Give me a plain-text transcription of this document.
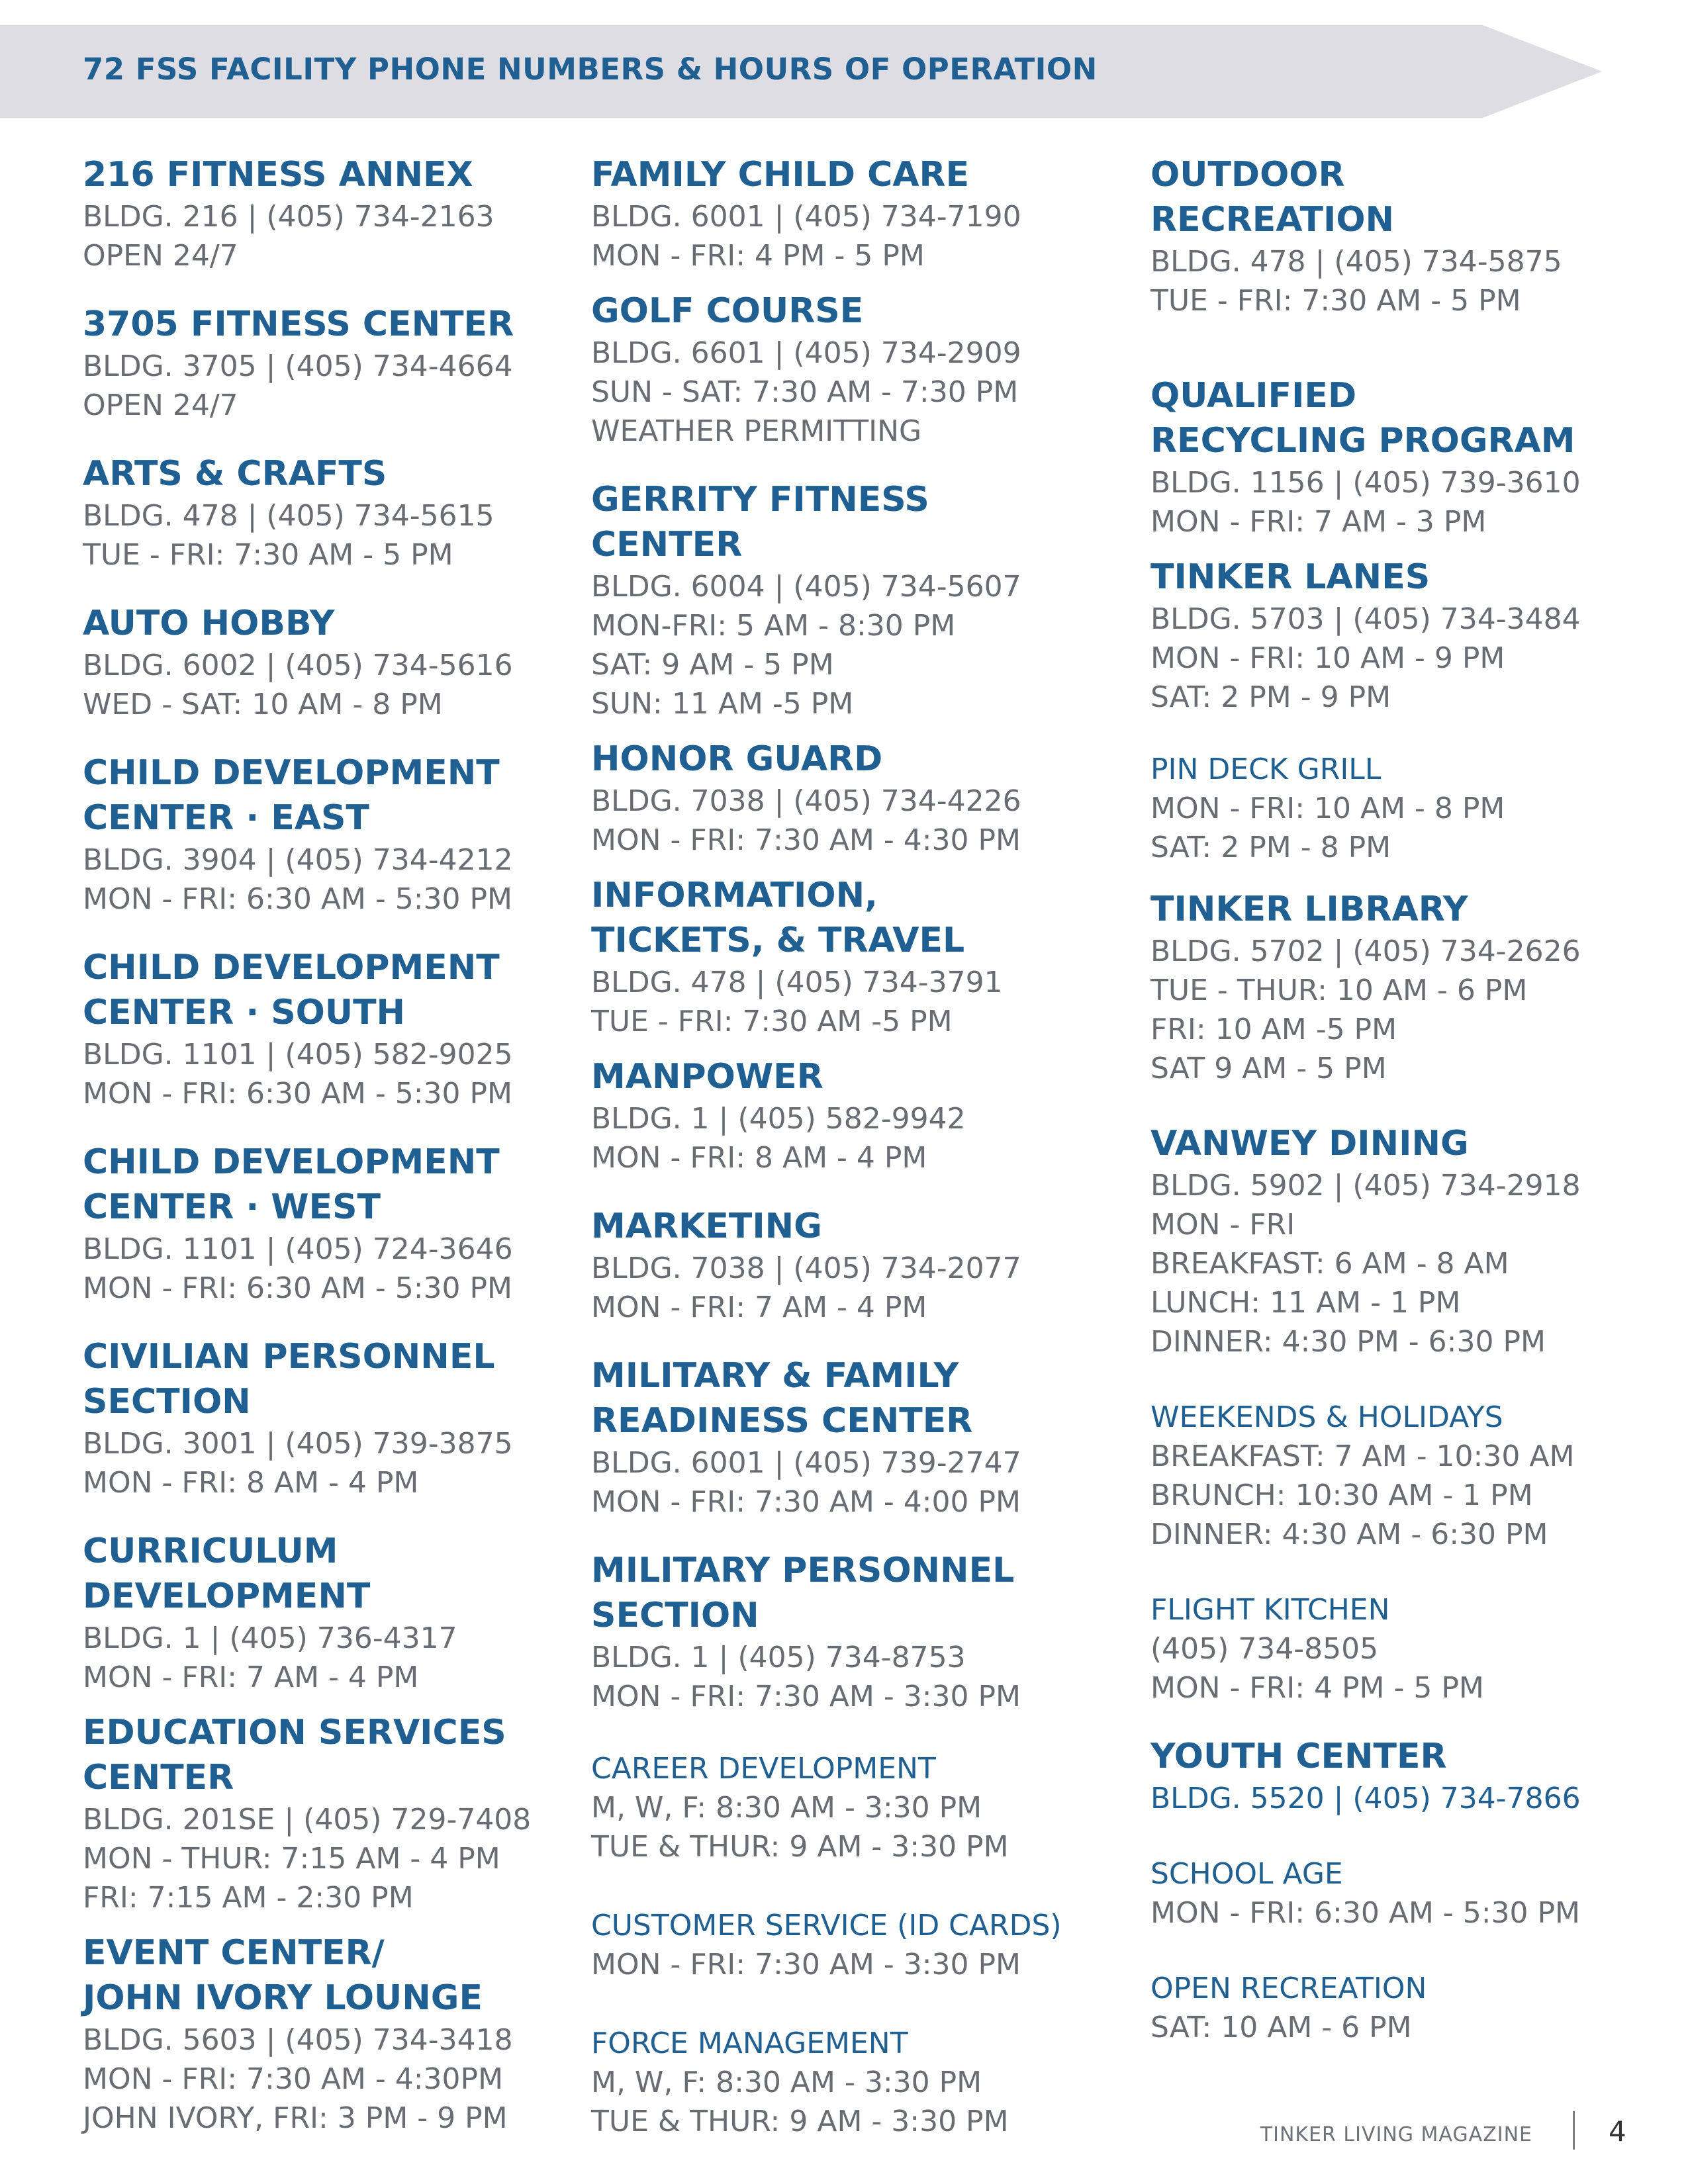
72 FSS FACILITY PHONE NUMBERS & HOURS OF OPERATION
216 FITNESS ANNEX
BLDG. 216 | (405) 734-2163
OPEN 24/7
3705 FITNESS CENTER
BLDG. 3705 | (405) 734-4664
OPEN 24/7
ARTS & CRAFTS
BLDG. 478 | (405) 734-5615
TUE - FRI: 7:30 AM - 5 PM
AUTO HOBBY
BLDG. 6002 | (405) 734-5616
WED - SAT: 10 AM - 8 PM
CHILD DEVELOPMENT
CENTER · EAST
BLDG. 3904 | (405) 734-4212
MON - FRI: 6:30 AM - 5:30 PM
CHILD DEVELOPMENT
CENTER · SOUTH
BLDG. 1101 | (405) 582-9025
MON - FRI: 6:30 AM - 5:30 PM
CHILD DEVELOPMENT
CENTER · WEST
BLDG. 1101 | (405) 724-3646
MON - FRI: 6:30 AM - 5:30 PM
CIVILIAN PERSONNEL
SECTION
BLDG. 3001 | (405) 739-3875
MON - FRI: 8 AM - 4 PM
CURRICULUM
DEVELOPMENT
BLDG. 1 | (405) 736-4317
MON - FRI: 7 AM - 4 PM
EDUCATION SERVICES
CENTER
BLDG. 201SE | (405) 729-7408
MON - THUR: 7:15 AM - 4 PM
FRI: 7:15 AM - 2:30 PM
EVENT CENTER/
JOHN IVORY LOUNGE
BLDG. 5603 | (405) 734-3418
MON - FRI: 7:30 AM - 4:30PM
JOHN IVORY, FRI: 3 PM - 9 PM
FAMILY CHILD CARE
BLDG. 6001 | (405) 734-7190
MON - FRI: 4 PM - 5 PM
GOLF COURSE
BLDG. 6601 | (405) 734-2909
SUN - SAT: 7:30 AM - 7:30 PM
WEATHER PERMITTING
GERRITY FITNESS
CENTER
BLDG. 6004 | (405) 734-5607
MON-FRI: 5 AM - 8:30 PM
SAT: 9 AM - 5 PM
SUN: 11 AM -5 PM
HONOR GUARD
BLDG. 7038 | (405) 734-4226
MON - FRI: 7:30 AM - 4:30 PM
INFORMATION,
TICKETS, & TRAVEL
BLDG. 478 | (405) 734-3791
TUE - FRI: 7:30 AM -5 PM
MANPOWER
BLDG. 1 | (405) 582-9942
MON - FRI: 8 AM - 4 PM
MARKETING
BLDG. 7038 | (405) 734-2077
MON - FRI: 7 AM - 4 PM
MILITARY & FAMILY
READINESS CENTER
BLDG. 6001 | (405) 739-2747
MON - FRI: 7:30 AM - 4:00 PM
MILITARY PERSONNEL
SECTION
BLDG. 1 | (405) 734-8753
MON - FRI: 7:30 AM - 3:30 PM
CAREER DEVELOPMENT
M, W, F: 8:30 AM - 3:30 PM
TUE & THUR: 9 AM - 3:30 PM
CUSTOMER SERVICE (ID CARDS)
MON - FRI: 7:30 AM - 3:30 PM
FORCE MANAGEMENT
M, W, F: 8:30 AM - 3:30 PM
TUE & THUR: 9 AM - 3:30 PM
OUTDOOR
RECREATION
BLDG. 478 | (405) 734-5875
TUE - FRI: 7:30 AM - 5 PM
QUALIFIED
RECYCLING PROGRAM
BLDG. 1156 | (405) 739-3610
MON - FRI: 7 AM - 3 PM
TINKER LANES
BLDG. 5703 | (405) 734-3484
MON - FRI: 10 AM - 9 PM
SAT: 2 PM - 9 PM
PIN DECK GRILL
MON - FRI: 10 AM - 8 PM
SAT: 2 PM - 8 PM
TINKER LIBRARY
BLDG. 5702 | (405) 734-2626
TUE - THUR: 10 AM - 6 PM
FRI: 10 AM -5 PM
SAT 9 AM - 5 PM
VANWEY DINING
BLDG. 5902 | (405) 734-2918
MON - FRI
BREAKFAST: 6 AM - 8 AM
LUNCH: 11 AM - 1 PM
DINNER: 4:30 PM - 6:30 PM
WEEKENDS & HOLIDAYS
BREAKFAST: 7 AM - 10:30 AM
BRUNCH: 10:30 AM - 1 PM
DINNER: 4:30 AM - 6:30 PM
FLIGHT KITCHEN
(405) 734-8505
MON - FRI: 4 PM - 5 PM
YOUTH CENTER
BLDG. 5520 | (405) 734-7866
SCHOOL AGE
MON - FRI: 6:30 AM - 5:30 PM
OPEN RECREATION
SAT: 10 AM - 6 PM
TINKER LIVING MAGAZINE	4
